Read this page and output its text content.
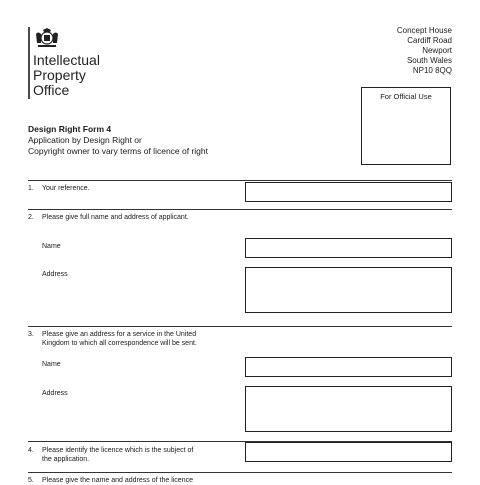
Intellectual
Property
Office
Concept House
Cardiff Road
Newport
South Wales
NP10 8QQ
For Official Use
Design Right Form 4
Application by Design Right or
Copyright owner to vary terms of licence of right
1. Your reference.
2. Please give full name and address of applicant.
Name
Address
3. Please give an address for a service in the United
Kingdom to which all correspondence will be sent.
Name
Address
4. Please identify the licence which is the subject of
the application.
5. Please give the name and address of the licence
